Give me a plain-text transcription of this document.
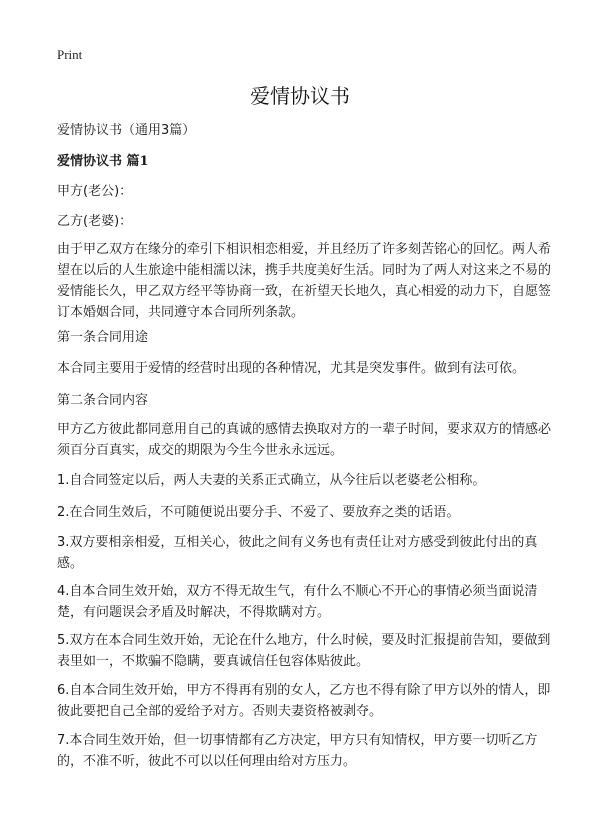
Print
爱情协议书
爱情协议书（通用3篇）
爱情协议书 篇1
甲方(老公)：
乙方(老婆)：
由于甲乙双方在缘分的牵引下相识相恋相爱，并且经历了许多刻苦铭心的回忆。两人希望在以后的人生旅途中能相濡以沫，携手共度美好生活。同时为了两人对这来之不易的爱情能长久，甲乙双方经平等协商一致，在祈望天长地久，真心相爱的动力下，自愿签订本婚姻合同，共同遵守本合同所列条款。
第一条合同用途
本合同主要用于爱情的经营时出现的各种情况，尤其是突发事件。做到有法可依。
第二条合同内容
甲方乙方彼此都同意用自己的真诚的感情去换取对方的一辈子时间，要求双方的情感必须百分百真实，成交的期限为今生今世永永远远。
1.自合同签定以后，两人夫妻的关系正式确立，从今往后以老婆老公相称。
2.在合同生效后，不可随便说出要分手、不爱了、要放弃之类的话语。
3.双方要相亲相爱，互相关心，彼此之间有义务也有责任让对方感受到彼此付出的真感。
4.自本合同生效开始，双方不得无故生气，有什么不顺心不开心的事情必须当面说清楚，有问题误会矛盾及时解决，不得欺瞒对方。
5.双方在本合同生效开始，无论在什么地方，什么时候，要及时汇报提前告知，要做到表里如一，不欺骗不隐瞒，要真诚信任包容体贴彼此。
6.自本合同生效开始，甲方不得再有别的女人，乙方也不得有除了甲方以外的情人，即彼此要把自己全部的爱给予对方。否则夫妻资格被剥夺。
7.本合同生效开始，但一切事情都有乙方决定，甲方只有知情权，甲方要一切听乙方的，不准不听，彼此不可以以任何理由给对方压力。
